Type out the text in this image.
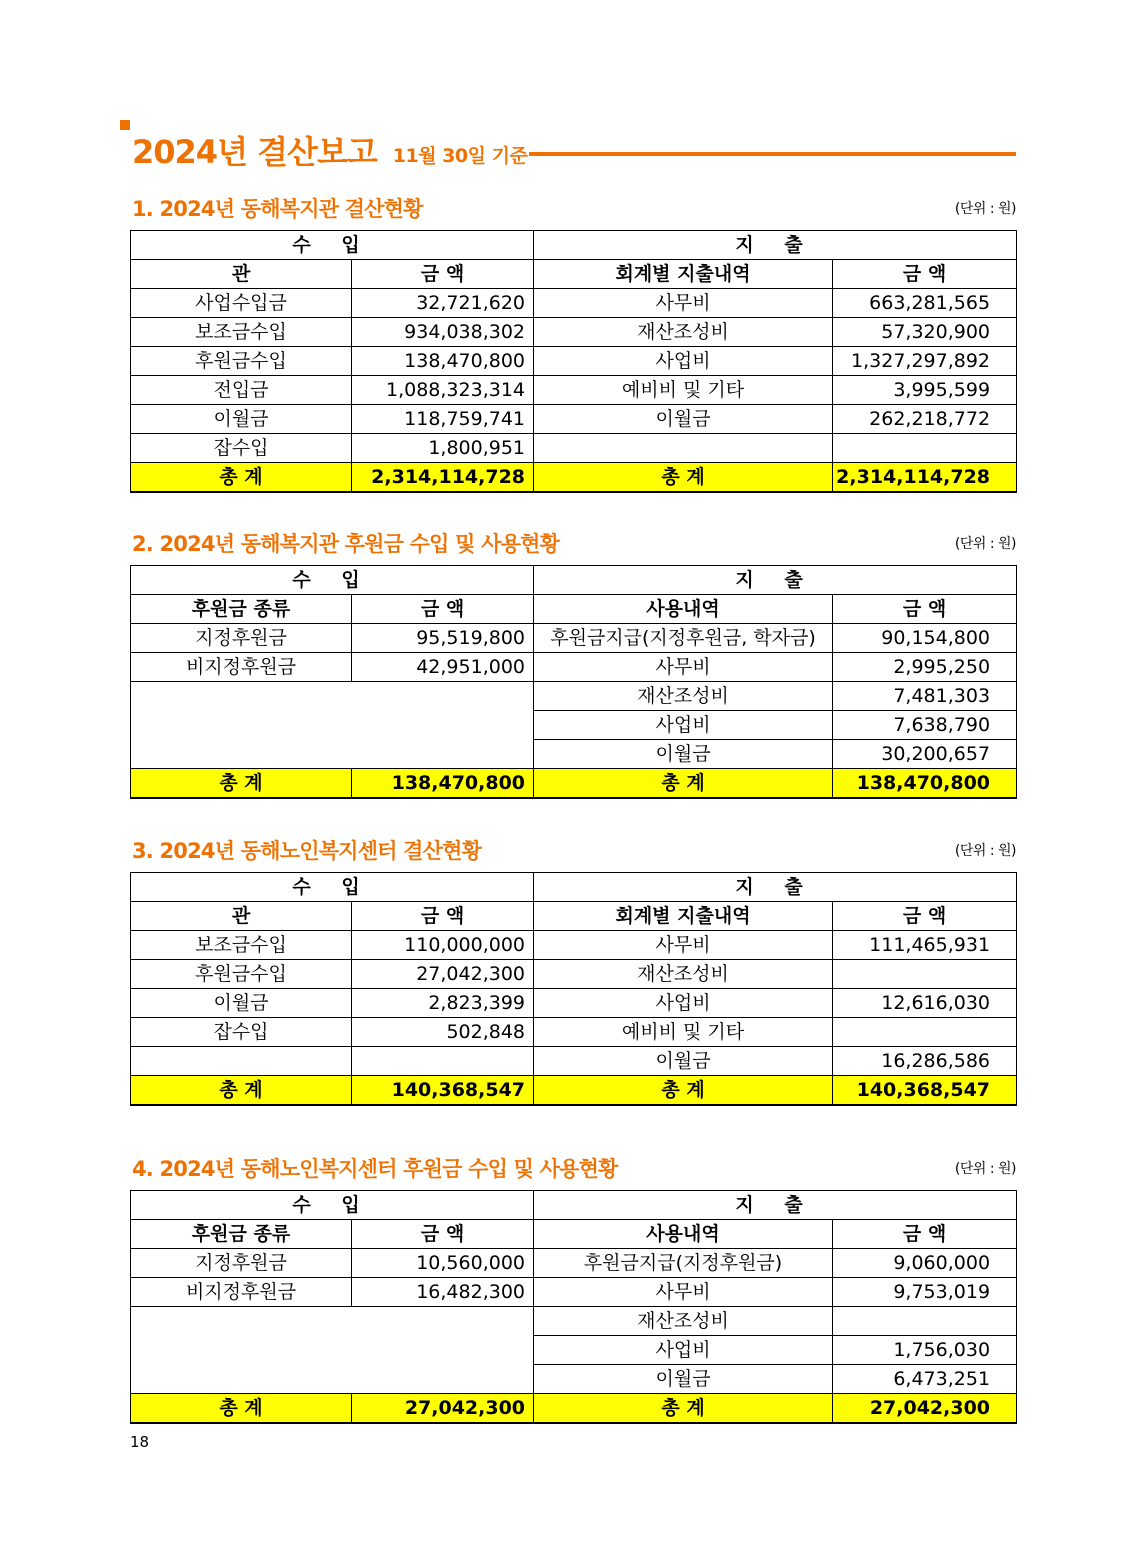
2024년 결산보고 11월 30일 기준
1. 2024년 동해복지관 결산현황	(단위 : 원)
수 입		지 출	
관	금 액	회계별 지출내역	금 액
사업수입금	32,721,620	사무비	663,281,565
보조금수입	934,038,302	재산조성비	57,320,900
후원금수입	138,470,800	사업비	1,327,297,892
전입금	1,088,323,314	예비비 및 기타	3,995,599
이월금	118,759,741	이월금	262,218,772
잡수입	1,800,951		
총 계	2,314,114,728	총 계	2,314,114,728
2. 2024년 동해복지관 후원금 수입 및 사용현황	(단위 : 원)
수 입		지 출	
후원금 종류	금 액	사용내역	금 액
지정후원금	95,519,800	후원금지급(지정후원금, 학자금)	90,154,800
비지정후원금	42,951,000	사무비	2,995,250
		재산조성비	7,481,303
		사업비	7,638,790
		이월금	30,200,657
총 계	138,470,800	총 계	138,470,800
3. 2024년 동해노인복지센터 결산현황	(단위 : 원)
수 입		지 출	
관	금 액	회계별 지출내역	금 액
보조금수입	110,000,000	사무비	111,465,931
후원금수입	27,042,300	재산조성비	
이월금	2,823,399	사업비	12,616,030
잡수입	502,848	예비비 및 기타	
		이월금	16,286,586
총 계	140,368,547	총 계	140,368,547
4. 2024년 동해노인복지센터 후원금 수입 및 사용현황	(단위 : 원)
수 입		지 출	
후원금 종류	금 액	사용내역	금 액
지정후원금	10,560,000	후원금지급(지정후원금)	9,060,000
비지정후원금	16,482,300	사무비	9,753,019
		재산조성비	
		사업비	1,756,030
		이월금	6,473,251
총 계	27,042,300	총 계	27,042,300
18
